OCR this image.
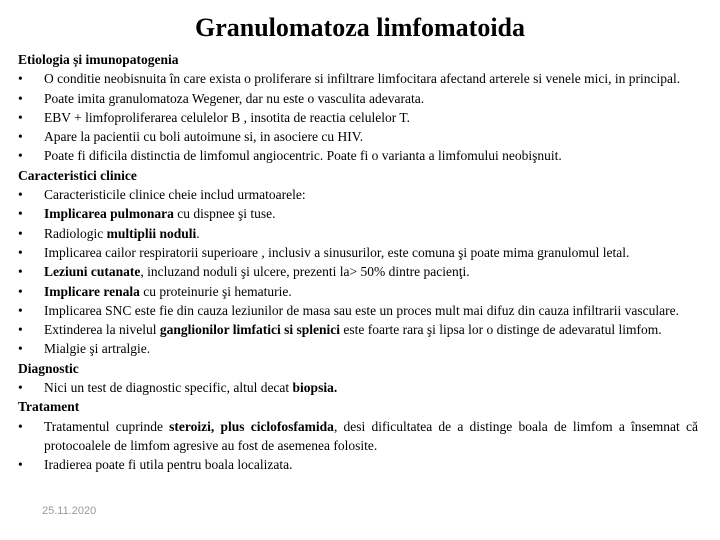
Granulomatoza limfomatoida
Etiologia și imunopatogenia
• O conditie neobisnuita în care exista o proliferare si infiltrare limfocitara afectand arterele si venele mici, in principal.

• Poate imita granulomatoza Wegener, dar nu este o vasculita adevarata.

• EBV + limfoproliferarea celulelor B , insotita de reactia celulelor T.

• Apare la pacientii cu boli autoimune si, in asociere cu HIV.

• Poate fi dificila distinctia de limfomul angiocentric. Poate fi o varianta a limfomului neobişnuit.

Caracteristici clinice
• Caracteristicile clinice cheie includ urmatoarele:

• Implicarea pulmonara cu dispnee şi tuse.

• Radiologic multiplii noduli.

• Implicarea cailor respiratorii superioare , inclusiv a sinusurilor, este comuna şi poate mima granulomul letal.

• Leziuni cutanate, incluzand noduli şi ulcere, prezenti la> 50% dintre pacienţi.

• Implicare renala cu proteinurie şi hematurie.

• Implicarea SNC este fie din cauza leziunilor de masa sau este un proces mult mai difuz din cauza infiltrarii vasculare.

• Extinderea la nivelul ganglionilor limfatici si splenici este foarte rara şi lipsa lor o distinge de adevaratul limfom.

• Mialgie şi artralgie.

Diagnostic
• Nici un test de diagnostic specific, altul decat biopsia.

Tratament
• Tratamentul cuprinde steroizi, plus ciclofosfamida, desi dificultatea de a distinge boala de limfom a însemnat că protocoalele de limfom agresive au fost de asemenea folosite.

• Iradierea poate fi utila pentru boala localizata.

25.11.2020
